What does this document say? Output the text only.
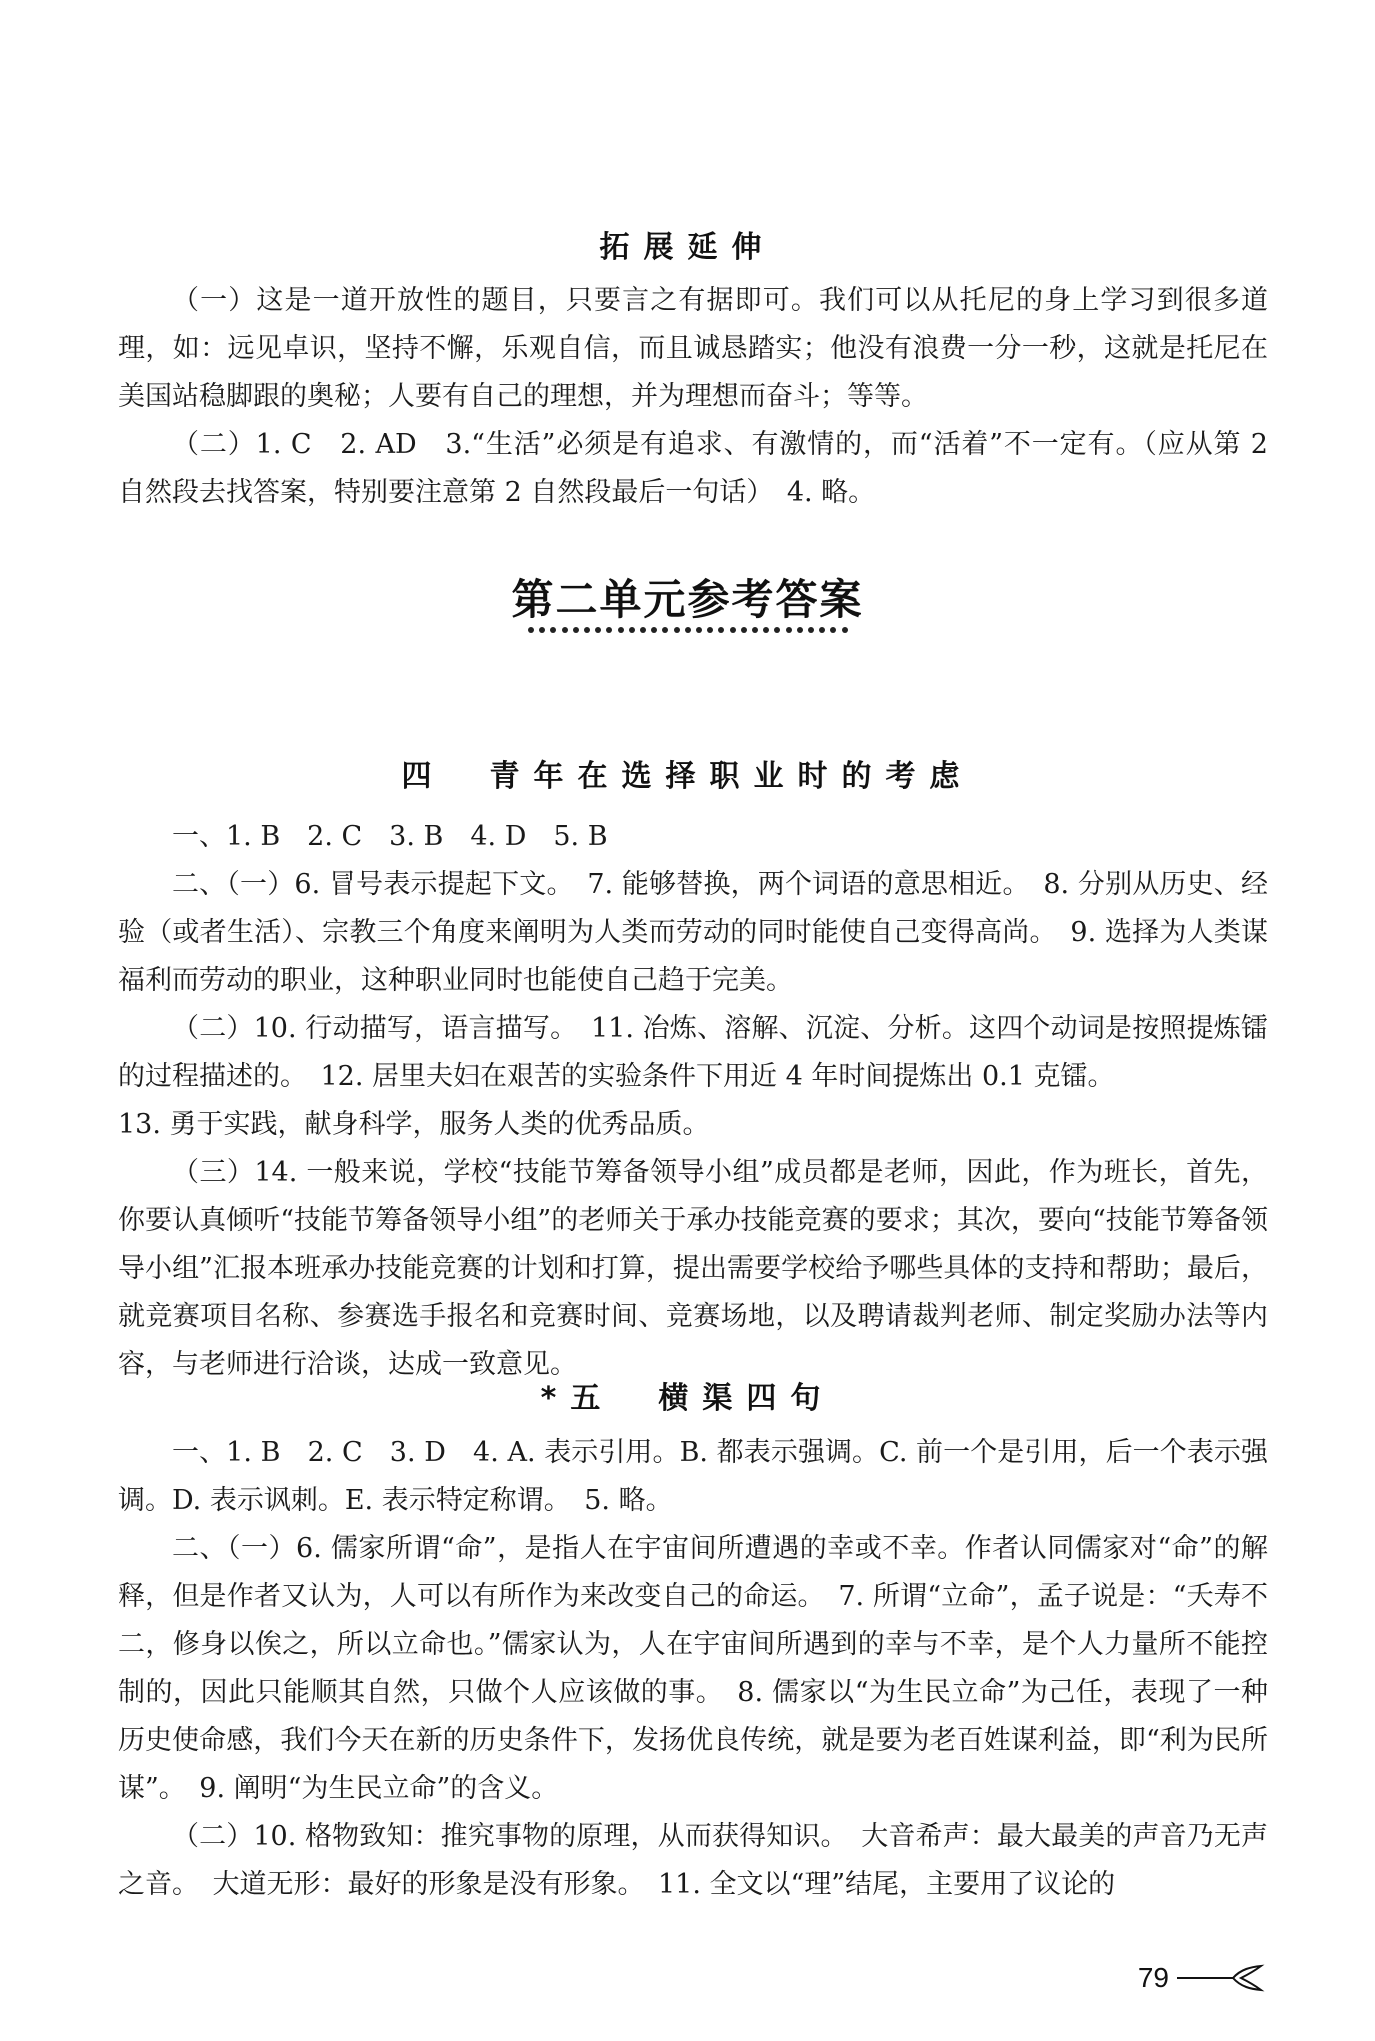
拓展延伸
（一）这是一道开放性的题目，只要言之有据即可。我们可以从托尼的身上学习到很多道理，如：远见卓识，坚持不懈，乐观自信，而且诚恳踏实；他没有浪费一分一秒，这就是托尼在美国站稳脚跟的奥秘；人要有自己的理想，并为理想而奋斗；等等。
（二）1. C　2. AD　3.“生活”必须是有追求、有激情的，而“活着”不一定有。（应从第 2 自然段去找答案，特别要注意第 2 自然段最后一句话）　4. 略。
第二单元参考答案
四　青年在选择职业时的考虑
一、1. B　2. C　3. B　4. D　5. B
二、（一）6. 冒号表示提起下文。　7. 能够替换，两个词语的意思相近。　8. 分别从历史、经验（或者生活）、宗教三个角度来阐明为人类而劳动的同时能使自己变得高尚。　9. 选择为人类谋福利而劳动的职业，这种职业同时也能使自己趋于完美。
（二）10. 行动描写，语言描写。　11. 冶炼、溶解、沉淀、分析。这四个动词是按照提炼镭的过程描述的。　12. 居里夫妇在艰苦的实验条件下用近 4 年时间提炼出 0.1 克镭。
13. 勇于实践，献身科学，服务人类的优秀品质。
（三）14. 一般来说，学校“技能节筹备领导小组”成员都是老师，因此，作为班长，首先，你要认真倾听“技能节筹备领导小组”的老师关于承办技能竞赛的要求；其次，要向“技能节筹备领导小组”汇报本班承办技能竞赛的计划和打算，提出需要学校给予哪些具体的支持和帮助；最后，就竞赛项目名称、参赛选手报名和竞赛时间、竞赛场地，以及聘请裁判老师、制定奖励办法等内容，与老师进行洽谈，达成一致意见。
*五　横渠四句
一、1. B　2. C　3. D　4. A. 表示引用。B. 都表示强调。C. 前一个是引用，后一个表示强调。D. 表示讽刺。E. 表示特定称谓。　5. 略。
二、（一）6. 儒家所谓“命”，是指人在宇宙间所遭遇的幸或不幸。作者认同儒家对“命”的解释，但是作者又认为，人可以有所作为来改变自己的命运。　7. 所谓“立命”，孟子说是：“夭寿不二，修身以俟之，所以立命也。”儒家认为，人在宇宙间所遇到的幸与不幸，是个人力量所不能控制的，因此只能顺其自然，只做个人应该做的事。　8. 儒家以“为生民立命”为己任，表现了一种历史使命感，我们今天在新的历史条件下，发扬优良传统，就是要为老百姓谋利益，即“利为民所谋”。　9. 阐明“为生民立命”的含义。
（二）10. 格物致知：推究事物的原理，从而获得知识。　大音希声：最大最美的声音乃无声之音。　大道无形：最好的形象是没有形象。　11. 全文以“理”结尾，主要用了议论的
79
